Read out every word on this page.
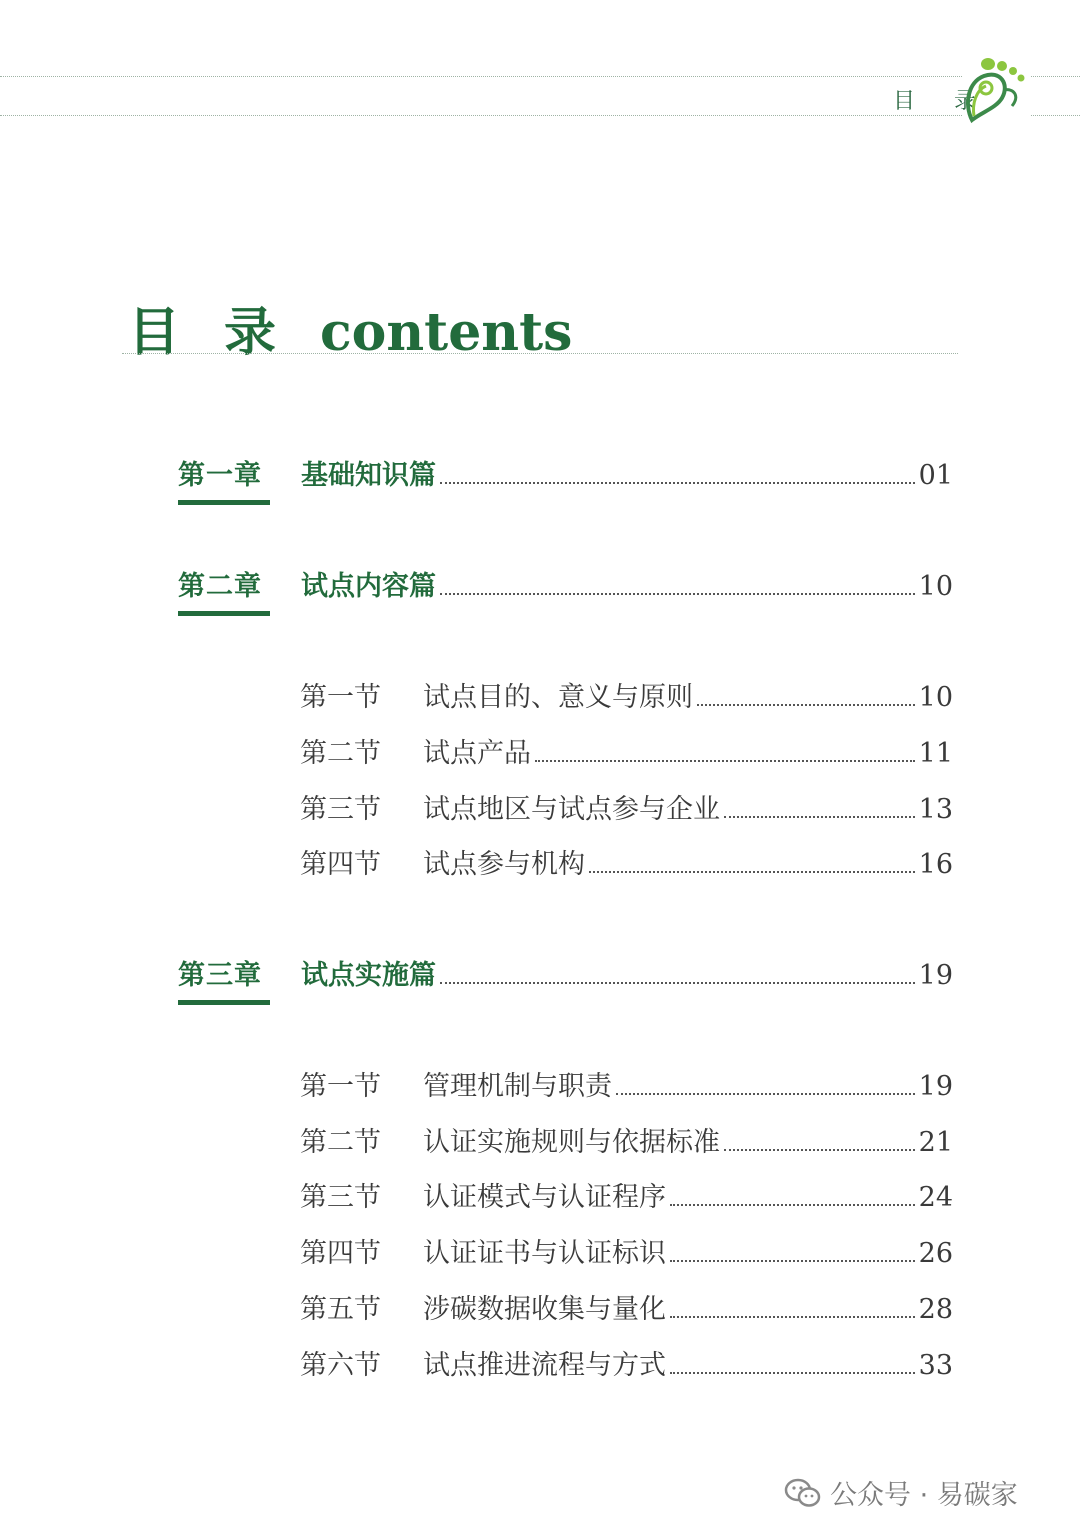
目 录
目录contents
第一章 基础知识篇	01
第二章 试点内容篇	10
第一节	试点目的、意义与原则	10
第二节	试点产品	11
第三节	试点地区与试点参与企业	13
第四节	试点参与机构	16
第三章 试点实施篇	19
第一节	管理机制与职责	19
第二节	认证实施规则与依据标准	21
第三节	认证模式与认证程序	24
第四节	认证证书与认证标识	26
第五节	涉碳数据收集与量化	28
第六节	试点推进流程与方式	33
公众号 · 易碳家
